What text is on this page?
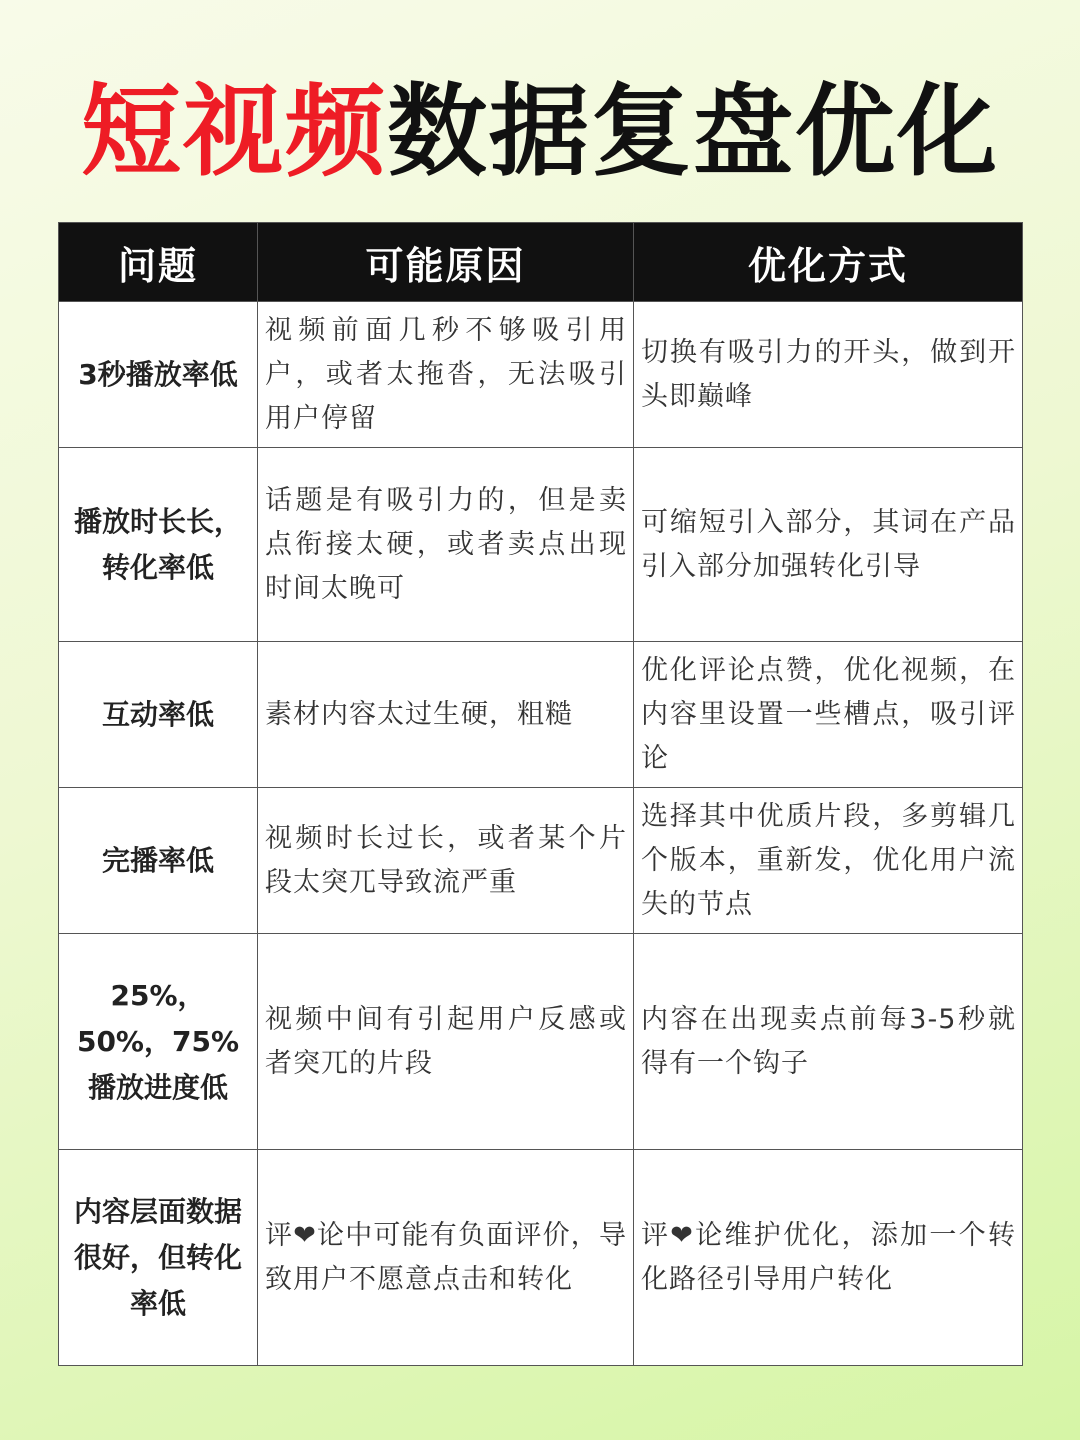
短视频数据复盘优化
问题	可能原因	优化方式
3秒播放率低	视频前面几秒不够吸引用户，或者太拖沓，无法吸引用户停留	切换有吸引力的开头，做到开头即巅峰
播放时长长，转化率低	话题是有吸引力的，但是卖点衔接太硬，或者卖点出现时间太晚可	可缩短引入部分，其词在产品引入部分加强转化引导
互动率低	素材内容太过生硬，粗糙	优化评论点赞，优化视频，在内容里设置一些槽点，吸引评论
完播率低	视频时长过长，或者某个片段太突兀导致流严重	选择其中优质片段，多剪辑几个版本，重新发，优化用户流失的节点
25%，50%，75%播放进度低	视频中间有引起用户反感或者突兀的片段	内容在出现卖点前每3-5秒就得有一个钩子
内容层面数据很好，但转化率低	评❤论中可能有负面评价，导致用户不愿意点击和转化	评❤论维护优化，添加一个转化路径引导用户转化
